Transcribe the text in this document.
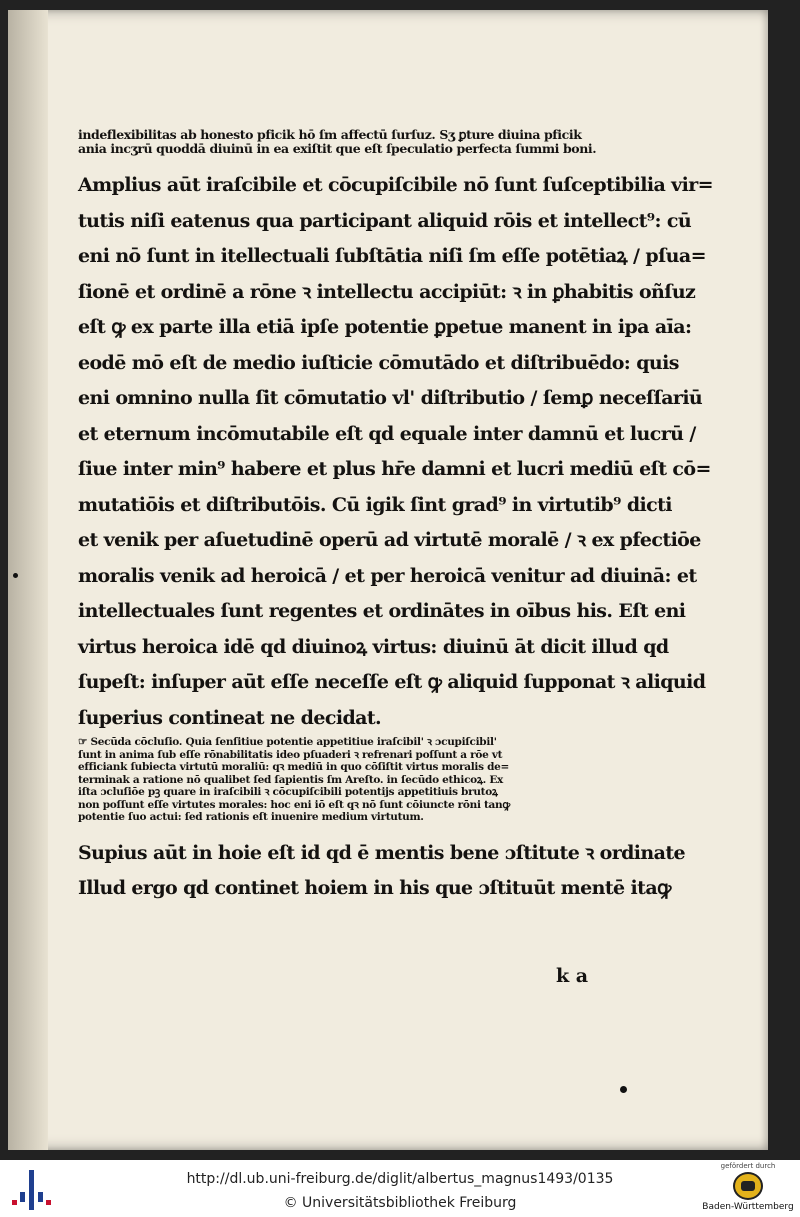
indeflexibilitas ab honesto pficik hō ſm affectū ſurſuz. Sʒ ꝑture diuina pficik
ania incʒrū quoddā diuinū in ea exiſtit que eſt ſpeculatio perfecta ſummi boni.
Amplius aūt iraſcibile et cōcupiſcibile nō ſunt ſuſceptibilia vir=
tutis niſi eatenus qua participant aliquid rōis et intellect⁹: cū
eni nō ſunt in itellectuali ſubſtātia niſi ſm eſſe potētiaꝝ / pſua=
ſionē et ordinē a rōne ꝛ intellectu accipiūt: ꝛ in ꝑhabitis oñſuz
eſt ꝙ ex parte illa etiā ipſe potentie ꝑpetue manent in ipa aīa:
eodē mō eſt de medio iuſticie cōmutādo et diſtribuēdo: quis
eni omnino nulla ſit cōmutatio vl' diſtributio / ſemꝑ neceſſariū
et eternum incōmutabile eſt qd equale inter damnū et lucrū /
ſiue inter min⁹ habere et plus hr̄e damni et lucri mediū eſt cō=
mutatiōis et diſtributōis. Cū igik ſint grad⁹ in virtutib⁹ dicti
et venik per aſuetudinē operū ad virtutē moralē / ꝛ ex pfectiōe
moralis venik ad heroicā / et per heroicā venitur ad diuinā: et
intellectuales ſunt regentes et ordinātes in oībus his. Eſt eni
virtus heroica idē qd diuinoꝝ virtus: diuinū āt dicit illud qd
ſupeſt: inſuper aūt eſſe neceſſe eſt ꝙ aliquid ſupponat ꝛ aliquid
ſuperius contineat ne decidat.
☞ Secūda cōcluſio. Quia ſenſitiue potentie appetitiue iraſcibil' ꝛ ɔcupiſcibil'
ſunt in anima ſub eſſe rōnabilitatis ideo pſuaderi ꝛ refrenari poſſunt a rōe vt
efficiank ſubiecta virtutū moraliū: qꝛ mediū in quo cōſiſtit virtus moralis de=
terminak a ratione nō qualibet ſed ſapientis ſm Areſto. in ſecūdo ethicoꝝ. Ex
iſta ɔcluſiōe pꝫ quare in iraſcibili ꝛ cōcupiſcibili potentijs appetitiuis brutoꝝ
non poſſunt eſſe virtutes morales: hoc eni iō eſt qꝛ nō ſunt cōiuncte rōni tanꝙ
potentie ſuo actui: ſed rationis eſt inuenire medium virtutum.
Supius aūt in hoie eſt id qd ē mentis bene ɔſtitute ꝛ ordinate
Illud ergo qd continet hoiem in his que ɔſtituūt mentē itaꝙ
k a
http://dl.ub.uni-freiburg.de/diglit/albertus_magnus1493/0135
© Universitätsbibliothek Freiburg
gefördert durch
Baden-Württemberg
